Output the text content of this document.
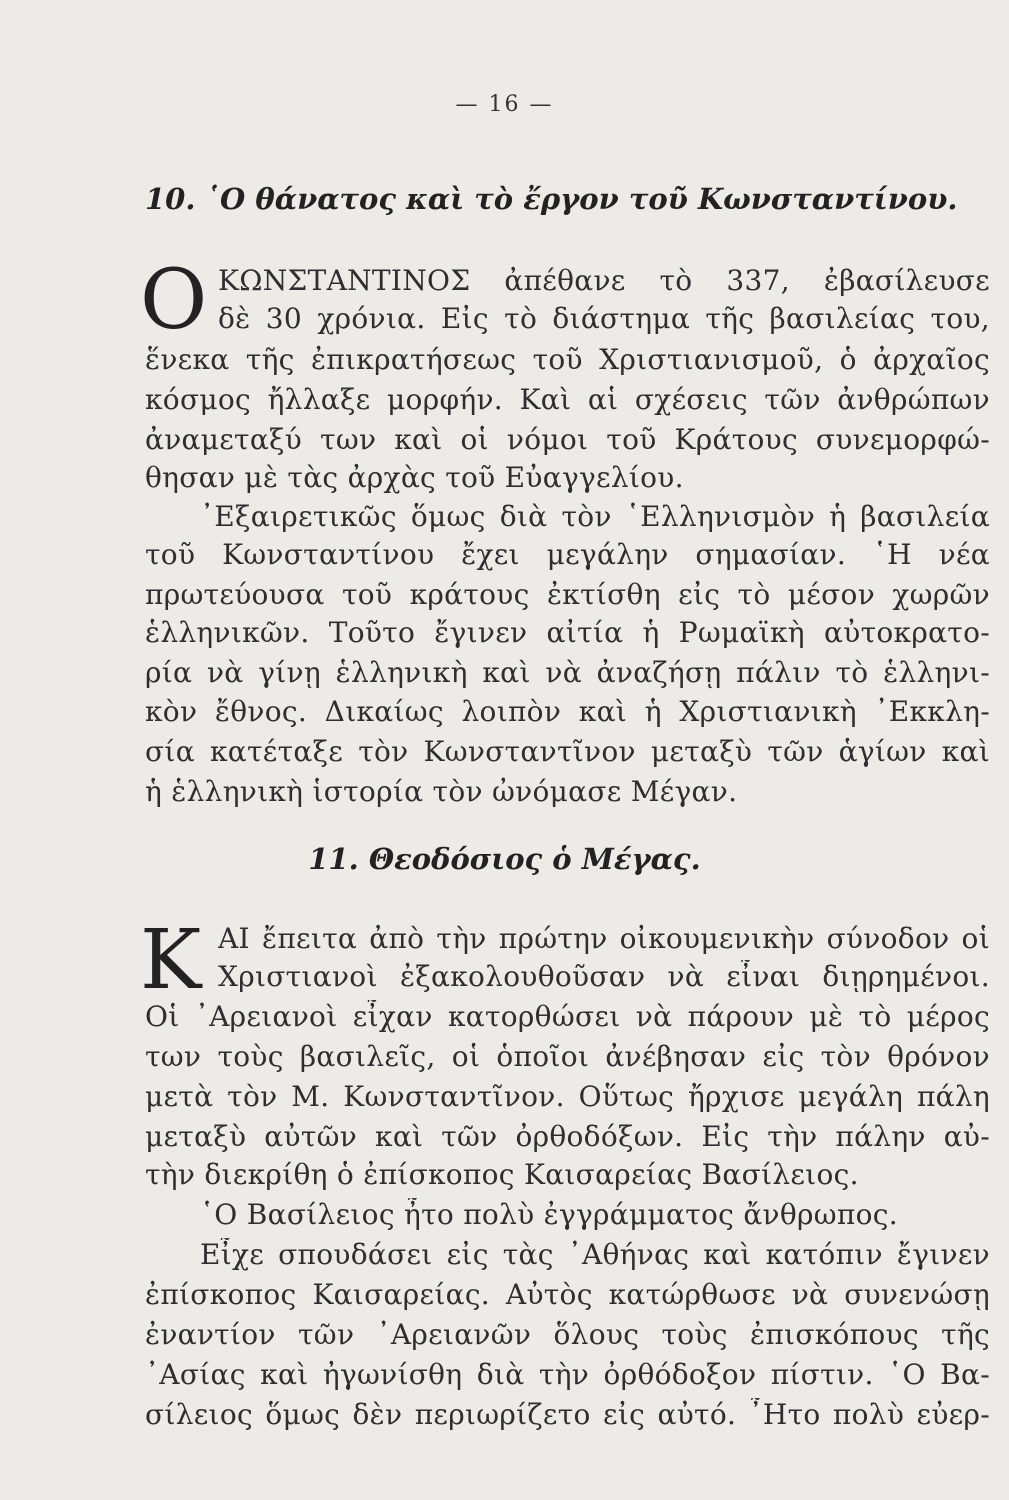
— 16 —
10. ῾Ο θάνατος καὶ τὸ ἔργον τοῦ Κωνσταντίνου.
Ο ΚΩΝΣΤΑΝΤΙΝΟΣ ἀπέθανε τὸ 337, ἐβασίλευσε
δὲ 30 χρόνια. Εἰς τὸ διάστημα τῆς βασιλείας του,
ἕνεκα τῆς ἐπικρατήσεως τοῦ Χριστιανισμοῦ, ὁ ἀρχαῖος
κόσμος ἤλλαξε μορφήν. Καὶ αἱ σχέσεις τῶν ἀνθρώπων
ἀναμεταξύ των καὶ οἱ νόμοι τοῦ Κράτους συνεμορφώ-
θησαν μὲ τὰς ἀρχὰς τοῦ Εὐαγγελίου.
᾿Εξαιρετικῶς ὅμως διὰ τὸν ῾Ελληνισμὸν ἡ βασιλεία
τοῦ Κωνσταντίνου ἔχει μεγάλην σημασίαν. ῾Η νέα
πρωτεύουσα τοῦ κράτους ἐκτίσθη εἰς τὸ μέσον χωρῶν
ἑλληνικῶν. Τοῦτο ἔγινεν αἰτία ἡ Ρωμαϊκὴ αὐτοκρατο-
ρία νὰ γίνῃ ἑλληνικὴ καὶ νὰ ἀναζήσῃ πάλιν τὸ ἑλληνι-
κὸν ἔθνος. Δικαίως λοιπὸν καὶ ἡ Χριστιανικὴ ᾿Εκκλη-
σία κατέταξε τὸν Κωνσταντῖνον μεταξὺ τῶν ἁγίων καὶ
ἡ ἑλληνικὴ ἱστορία τὸν ὠνόμασε Μέγαν.
11. Θεοδόσιος ὁ Μέγας.
Κ ΑΙ ἔπειτα ἀπὸ τὴν πρώτην οἰκουμενικὴν σύνοδον οἱ
Χριστιανοὶ ἐξακολουθοῦσαν νὰ εἶναι διῃρημένοι.
Οἱ ᾿Αρειανοὶ εἶχαν κατορθώσει νὰ πάρουν μὲ τὸ μέρος
των τοὺς βασιλεῖς, οἱ ὁποῖοι ἀνέβησαν εἰς τὸν θρόνον
μετὰ τὸν Μ. Κωνσταντῖνον. Οὕτως ἤρχισε μεγάλη πάλη
μεταξὺ αὐτῶν καὶ τῶν ὀρθοδόξων. Εἰς τὴν πάλην αὐ-
τὴν διεκρίθη ὁ ἐπίσκοπος Καισαρείας Βασίλειος.
῾Ο Βασίλειος ἦτο πολὺ ἐγγράμματος ἄνθρωπος.
Εἶχε σπουδάσει εἰς τὰς ᾿Αθήνας καὶ κατόπιν ἔγινεν
ἐπίσκοπος Καισαρείας. Αὐτὸς κατώρθωσε νὰ συνενώσῃ
ἐναντίον τῶν ᾿Αρειανῶν ὅλους τοὺς ἐπισκόπους τῆς
᾿Ασίας καὶ ἠγωνίσθη διὰ τὴν ὀρθόδοξον πίστιν. ῾Ο Βα-
σίλειος ὅμως δὲν περιωρίζετο εἰς αὐτό. ῏Ητο πολὺ εὐερ-
